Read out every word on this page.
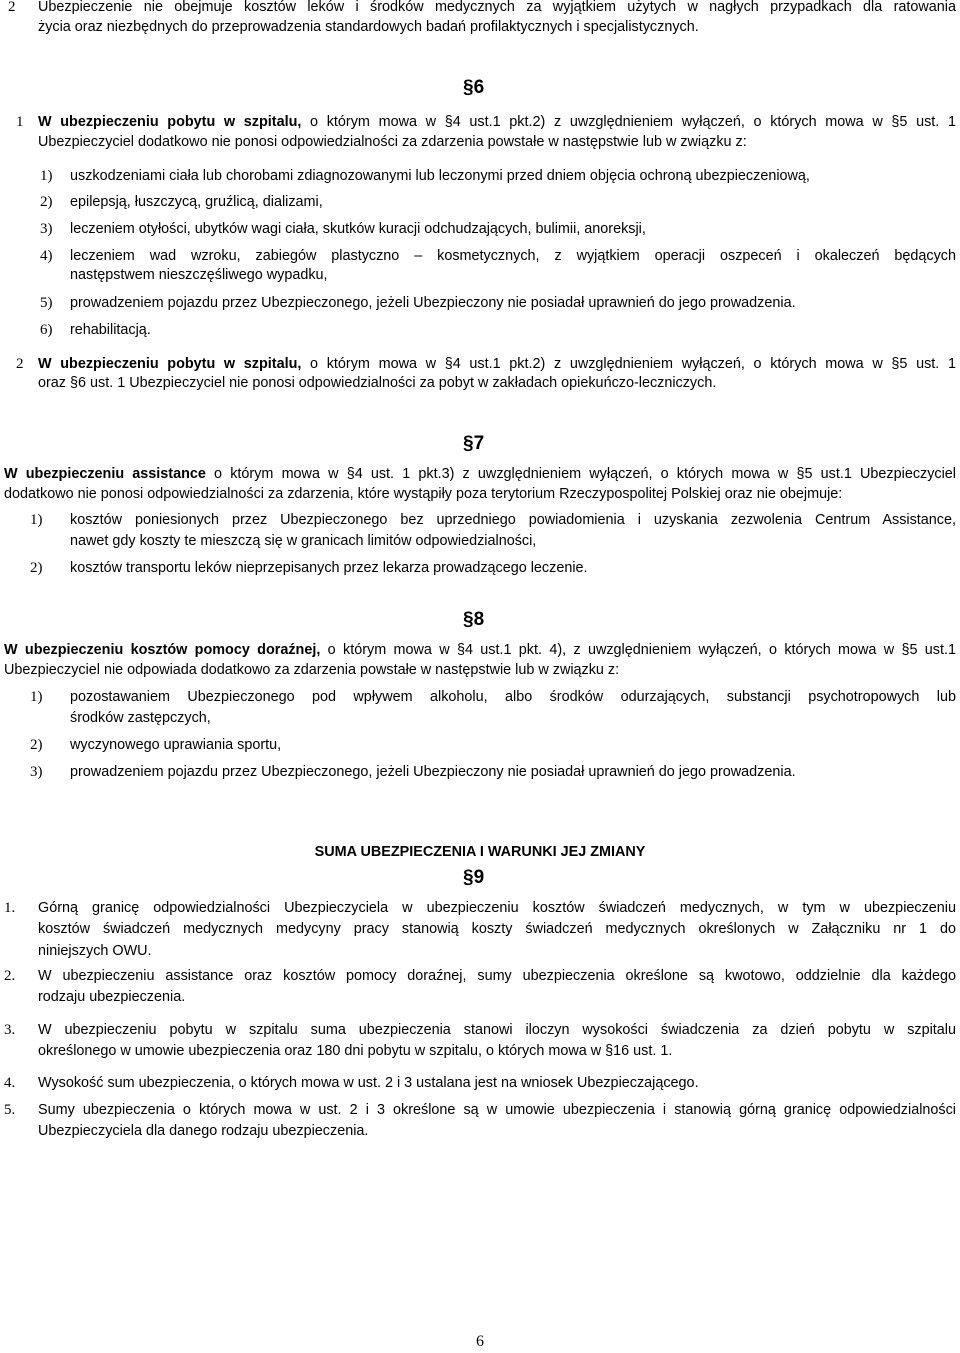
2 Ubezpieczenie nie obejmuje kosztów leków i środków medycznych za wyjątkiem użytych w nagłych przypadkach dla ratowania
życia oraz niezbędnych do przeprowadzenia standardowych badań profilaktycznych i specjalistycznych.
§6
1 W ubezpieczeniu pobytu w szpitalu, o którym mowa w §4 ust.1 pkt.2) z uwzględnieniem wyłączeń, o których mowa w §5 ust. 1
Ubezpieczyciel dodatkowo nie ponosi odpowiedzialności za zdarzenia powstałe w następstwie lub w związku z:
1) uszkodzeniami ciała lub chorobami zdiagnozowanymi lub leczonymi przed dniem objęcia ochroną ubezpieczeniową,
2) epilepsją, łuszczycą, gruźlicą, dializami,
3) leczeniem otyłości, ubytków wagi ciała, skutków kuracji odchudzających, bulimii, anoreksji,
4) leczeniem wad wzroku, zabiegów plastyczno – kosmetycznych, z wyjątkiem operacji oszpeceń i okaleczeń będących
następstwem nieszczęśliwego wypadku,
5) prowadzeniem pojazdu przez Ubezpieczonego, jeżeli Ubezpieczony nie posiadał uprawnień do jego prowadzenia.
6) rehabilitacją.
2 W ubezpieczeniu pobytu w szpitalu, o którym mowa w §4 ust.1 pkt.2) z uwzględnieniem wyłączeń, o których mowa w §5 ust. 1
oraz §6 ust. 1 Ubezpieczyciel nie ponosi odpowiedzialności za pobyt w zakładach opiekuńczo-leczniczych.
§7
W ubezpieczeniu assistance o którym mowa w §4 ust. 1 pkt.3) z uwzględnieniem wyłączeń, o których mowa w §5 ust.1 Ubezpieczyciel
dodatkowo nie ponosi odpowiedzialności za zdarzenia, które wystąpiły poza terytorium Rzeczypospolitej Polskiej oraz nie obejmuje:
1) kosztów poniesionych przez Ubezpieczonego bez uprzedniego powiadomienia i uzyskania zezwolenia Centrum Assistance,
nawet gdy koszty te mieszczą się w granicach limitów odpowiedzialności,
2) kosztów transportu leków nieprzepisanych przez lekarza prowadzącego leczenie.
§8
W ubezpieczeniu kosztów pomocy doraźnej, o którym mowa w §4 ust.1 pkt. 4), z uwzględnieniem wyłączeń, o których mowa w §5 ust.1
Ubezpieczyciel nie odpowiada dodatkowo za zdarzenia powstałe w następstwie lub w związku z:
1) pozostawaniem Ubezpieczonego pod wpływem alkoholu, albo środków odurzających, substancji psychotropowych lub
środków zastępczych,
2) wyczynowego uprawiania sportu,
3) prowadzeniem pojazdu przez Ubezpieczonego, jeżeli Ubezpieczony nie posiadał uprawnień do jego prowadzenia.
SUMA UBEZPIECZENIA I WARUNKI JEJ ZMIANY
§9
1. Górną granicę odpowiedzialności Ubezpieczyciela w ubezpieczeniu kosztów świadczeń medycznych, w tym w ubezpieczeniu
kosztów świadczeń medycznych medycyny pracy stanowią koszty świadczeń medycznych określonych w Załączniku nr 1 do
niniejszych OWU.
2. W ubezpieczeniu assistance oraz kosztów pomocy doraźnej, sumy ubezpieczenia określone są kwotowo, oddzielnie dla każdego
rodzaju ubezpieczenia.
3. W ubezpieczeniu pobytu w szpitalu suma ubezpieczenia stanowi iloczyn wysokości świadczenia za dzień pobytu w szpitalu
określonego w umowie ubezpieczenia oraz 180 dni pobytu w szpitalu, o których mowa w §16 ust. 1.
4. Wysokość sum ubezpieczenia, o których mowa w ust. 2 i 3 ustalana jest na wniosek Ubezpieczającego.
5. Sumy ubezpieczenia o których mowa w ust. 2 i 3 określone są w umowie ubezpieczenia i stanowią górną granicę odpowiedzialności
Ubezpieczyciela dla danego rodzaju ubezpieczenia.
6
